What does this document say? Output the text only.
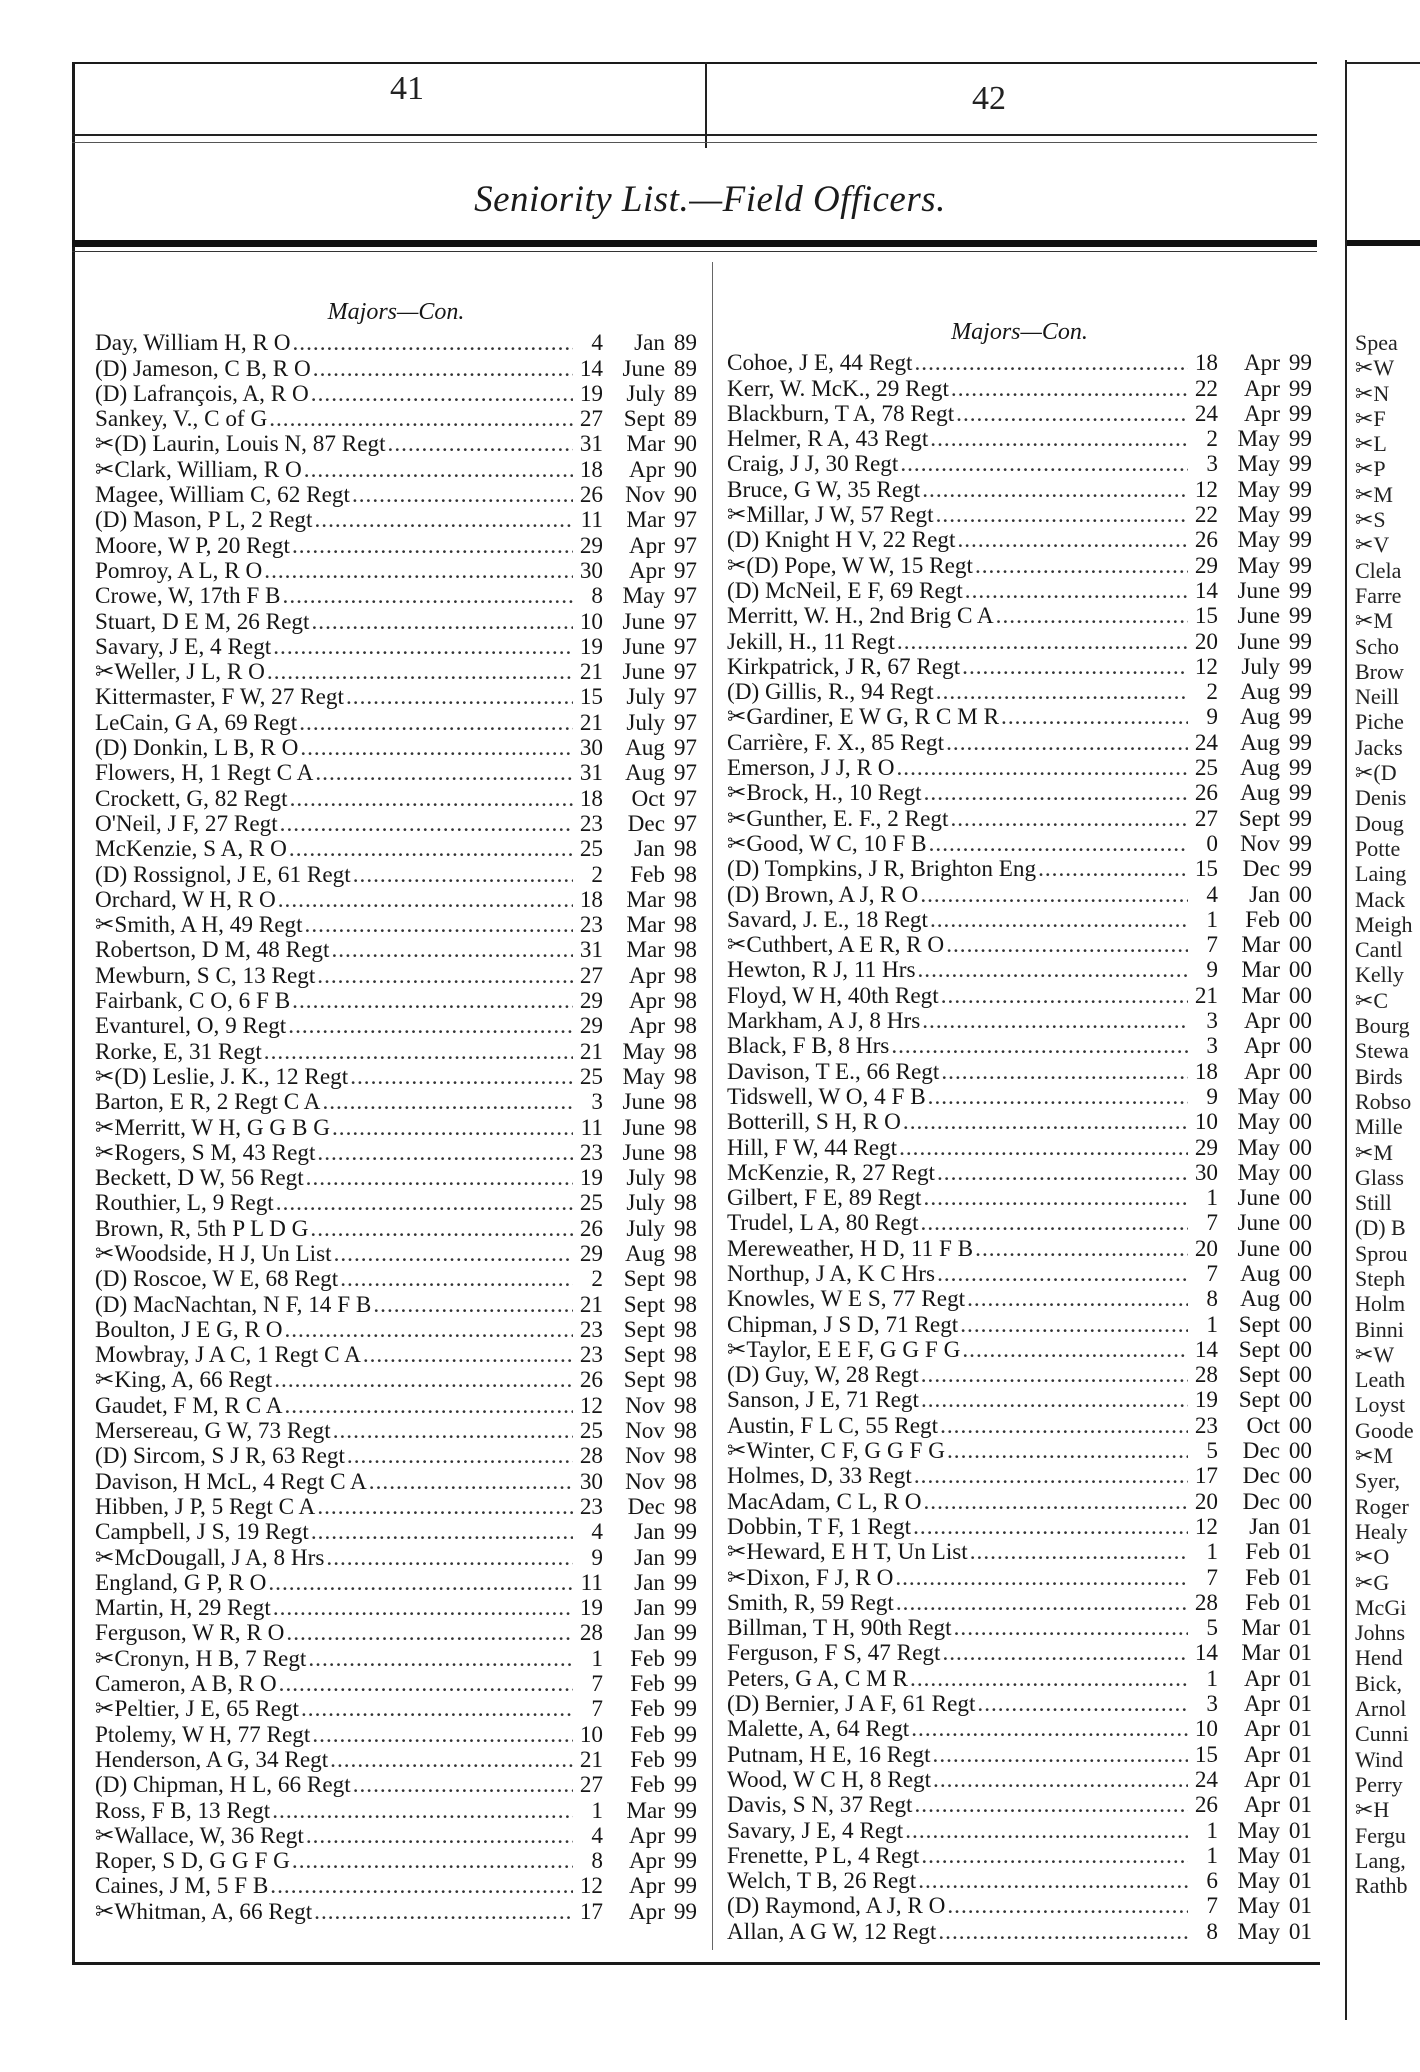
41	42
Seniority List.—Field Officers.
Majors—Con.
Day, William H, R O .....	4 Jan 89
(D) Jameson, C B, R O .....	14 June 89
(D) Lafrançois, A, R O .....	19 July 89
Sankey, V., C of G .....	27 Sept 89
✂(D) Laurin, Louis N, 87 Regt .....	31 Mar 90
✂Clark, William, R O .....	18 Apr 90
Magee, William C, 62 Regt .....	26 Nov 90
(D) Mason, P L, 2 Regt .....	11 Mar 97
Moore, W P, 20 Regt .....	29 Apr 97
Pomroy, A L, R O .....	30 Apr 97
Crowe, W, 17th F B .....	8 May 97
Stuart, D E M, 26 Regt .....	10 June 97
Savary, J E, 4 Regt .....	19 June 97
✂Weller, J L, R O .....	21 June 97
Kittermaster, F W, 27 Regt .....	15 July 97
LeCain, G A, 69 Regt .....	21 July 97
(D) Donkin, L B, R O .....	30 Aug 97
Flowers, H, 1 Regt C A .....	31 Aug 97
Crockett, G, 82 Regt .....	18 Oct 97
O'Neil, J F, 27 Regt .....	23 Dec 97
McKenzie, S A, R O .....	25 Jan 98
(D) Rossignol, J E, 61 Regt .....	2 Feb 98
Orchard, W H, R O .....	18 Mar 98
✂Smith, A H, 49 Regt .....	23 Mar 98
Robertson, D M, 48 Regt .....	31 Mar 98
Mewburn, S C, 13 Regt .....	27 Apr 98
Fairbank, C O, 6 F B .....	29 Apr 98
Evanturel, O, 9 Regt .....	29 Apr 98
Rorke, E, 31 Regt .....	21 May 98
✂(D) Leslie, J. K., 12 Regt .....	25 May 98
Barton, E R, 2 Regt C A .....	3 June 98
✂Merritt, W H, G G B G .....	11 June 98
✂Rogers, S M, 43 Regt .....	23 June 98
Beckett, D W, 56 Regt .....	19 July 98
Routhier, L, 9 Regt .....	25 July 98
Brown, R, 5th P L D G .....	26 July 98
✂Woodside, H J, Un List .....	29 Aug 98
(D) Roscoe, W E, 68 Regt .....	2 Sept 98
(D) MacNachtan, N F, 14 F B .....	21 Sept 98
Boulton, J E G, R O .....	23 Sept 98
Mowbray, J A C, 1 Regt C A .....	23 Sept 98
✂King, A, 66 Regt .....	26 Sept 98
Gaudet, F M, R C A .....	12 Nov 98
Mersereau, G W, 73 Regt .....	25 Nov 98
(D) Sircom, S J R, 63 Regt .....	28 Nov 98
Davison, H McL, 4 Regt C A .....	30 Nov 98
Hibben, J P, 5 Regt C A .....	23 Dec 98
Campbell, J S, 19 Regt .....	4 Jan 99
✂McDougall, J A, 8 Hrs .....	9 Jan 99
England, G P, R O .....	11 Jan 99
Martin, H, 29 Regt .....	19 Jan 99
Ferguson, W R, R O .....	28 Jan 99
✂Cronyn, H B, 7 Regt .....	1 Feb 99
Cameron, A B, R O .....	7 Feb 99
✂Peltier, J E, 65 Regt .....	7 Feb 99
Ptolemy, W H, 77 Regt .....	10 Feb 99
Henderson, A G, 34 Regt .....	21 Feb 99
(D) Chipman, H L, 66 Regt .....	27 Feb 99
Ross, F B, 13 Regt .....	1 Mar 99
✂Wallace, W, 36 Regt .....	4 Apr 99
Roper, S D, G G F G .....	8 Apr 99
Caines, J M, 5 F B .....	12 Apr 99
✂Whitman, A, 66 Regt .....	17 Apr 99
Majors—Con.
Cohoe, J E, 44 Regt .....	18 Apr 99
Kerr, W. McK., 29 Regt .....	22 Apr 99
Blackburn, T A, 78 Regt .....	24 Apr 99
Helmer, R A, 43 Regt .....	2 May 99
Craig, J J, 30 Regt .....	3 May 99
Bruce, G W, 35 Regt .....	12 May 99
✂Millar, J W, 57 Regt .....	22 May 99
(D) Knight H V, 22 Regt .....	26 May 99
✂(D) Pope, W W, 15 Regt .....	29 May 99
(D) McNeil, E F, 69 Regt .....	14 June 99
Merritt, W. H., 2nd Brig C A .....	15 June 99
Jekill, H., 11 Regt .....	20 June 99
Kirkpatrick, J R, 67 Regt .....	12 July 99
(D) Gillis, R., 94 Regt .....	2 Aug 99
✂Gardiner, E W G, R C M R .....	9 Aug 99
Carrière, F. X., 85 Regt .....	24 Aug 99
Emerson, J J, R O .....	25 Aug 99
✂Brock, H., 10 Regt .....	26 Aug 99
✂Gunther, E. F., 2 Regt .....	27 Sept 99
✂Good, W C, 10 F B .....	0 Nov 99
(D) Tompkins, J R, Brighton Eng .....	15 Dec 99
(D) Brown, A J, R O .....	4 Jan 00
Savard, J. E., 18 Regt .....	1 Feb 00
✂Cuthbert, A E R, R O .....	7 Mar 00
Hewton, R J, 11 Hrs .....	9 Mar 00
Floyd, W H, 40th Regt .....	21 Mar 00
Markham, A J, 8 Hrs .....	3 Apr 00
Black, F B, 8 Hrs .....	3 Apr 00
Davison, T E., 66 Regt .....	18 Apr 00
Tidswell, W O, 4 F B .....	9 May 00
Botterill, S H, R O .....	10 May 00
Hill, F W, 44 Regt .....	29 May 00
McKenzie, R, 27 Regt .....	30 May 00
Gilbert, F E, 89 Regt .....	1 June 00
Trudel, L A, 80 Regt .....	7 June 00
Mereweather, H D, 11 F B .....	20 June 00
Northup, J A, K C Hrs .....	7 Aug 00
Knowles, W E S, 77 Regt .....	8 Aug 00
Chipman, J S D, 71 Regt .....	1 Sept 00
✂Taylor, E E F, G G F G .....	14 Sept 00
(D) Guy, W, 28 Regt .....	28 Sept 00
Sanson, J E, 71 Regt .....	19 Sept 00
Austin, F L C, 55 Regt .....	23 Oct 00
✂Winter, C F, G G F G .....	5 Dec 00
Holmes, D, 33 Regt .....	17 Dec 00
MacAdam, C L, R O .....	20 Dec 00
Dobbin, T F, 1 Regt .....	12 Jan 01
✂Heward, E H T, Un List .....	1 Feb 01
✂Dixon, F J, R O .....	7 Feb 01
Smith, R, 59 Regt .....	28 Feb 01
Billman, T H, 90th Regt .....	5 Mar 01
Ferguson, F S, 47 Regt .....	14 Mar 01
Peters, G A, C M R .....	1 Apr 01
(D) Bernier, J A F, 61 Regt .....	3 Apr 01
Malette, A, 64 Regt .....	10 Apr 01
Putnam, H E, 16 Regt .....	15 Apr 01
Wood, W C H, 8 Regt .....	24 Apr 01
Davis, S N, 37 Regt .....	26 Apr 01
Savary, J E, 4 Regt .....	1 May 01
Frenette, P L, 4 Regt .....	1 May 01
Welch, T B, 26 Regt .....	6 May 01
(D) Raymond, A J, R O .....	7 May 01
Allan, A G W, 12 Regt .....	8 May 01
Spea
✂W
✂N
✂F
✂L
✂P
✂M
✂S
✂V
Clela
Farre
✂M
Scho
Brow
Neill
Piche
Jacks
✂(D
Denis
Doug
Potte
Laing
Mack
Meigh
Cantl
Kelly
✂C
Bourg
Stewa
Birds
Robso
Mille
✂M
Glass
Still
(D) B
Sprou
Steph
Holm
Binni
✂W
Leath
Loyst
Goode
✂M
Syer,
Roger
Healy
✂O
✂G
McGi
Johns
Hend
Bick,
Arnol
Cunni
Wind
Perry
✂H
Fergu
Lang,
Rathb
